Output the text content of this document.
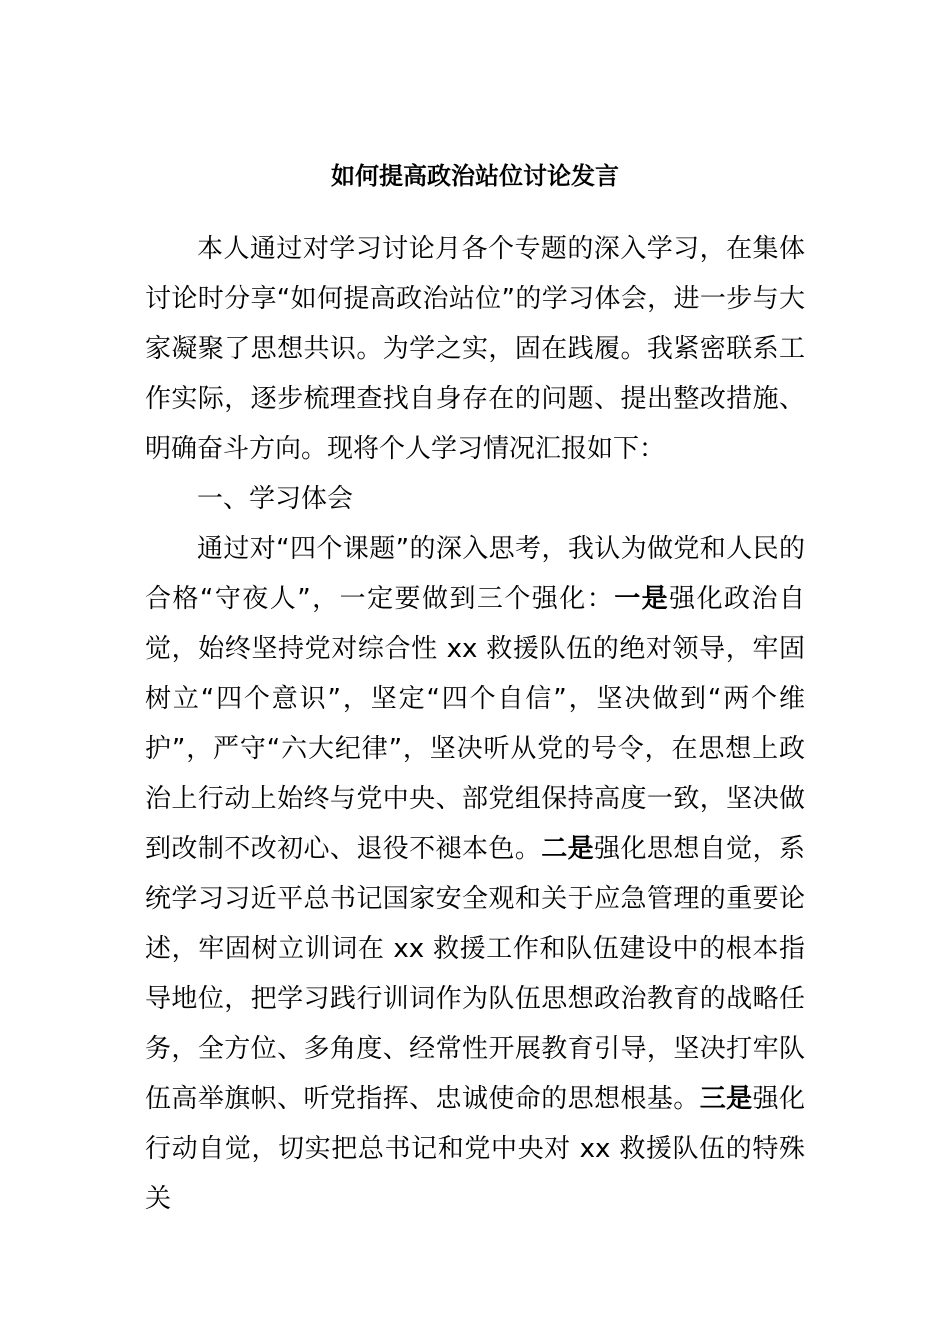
如何提高政治站位讨论发言

本人通过对学习讨论月各个专题的深入学习，在集体讨论时分享“如何提高政治站位”的学习体会，进一步与大家凝聚了思想共识。为学之实，固在践履。我紧密联系工作实际，逐步梳理查找自身存在的问题、提出整改措施、明确奋斗方向。现将个人学习情况汇报如下：

一、学习体会

通过对“四个课题”的深入思考，我认为做党和人民的合格“守夜人”，一定要做到三个强化：一是强化政治自觉，始终坚持党对综合性 xx 救援队伍的绝对领导，牢固树立“四个意识”，坚定“四个自信”，坚决做到“两个维护”，严守“六大纪律”，坚决听从党的号令，在思想上政治上行动上始终与党中央、部党组保持高度一致，坚决做到改制不改初心、退役不褪本色。二是强化思想自觉，系统学习习近平总书记国家安全观和关于应急管理的重要论述，牢固树立训词在 xx 救援工作和队伍建设中的根本指导地位，把学习践行训词作为队伍思想政治教育的战略任务，全方位、多角度、经常性开展教育引导，坚决打牢队伍高举旗帜、听党指挥、忠诚使命的思想根基。三是强化行动自觉，切实把总书记和党中央对 xx 救援队伍的特殊关
